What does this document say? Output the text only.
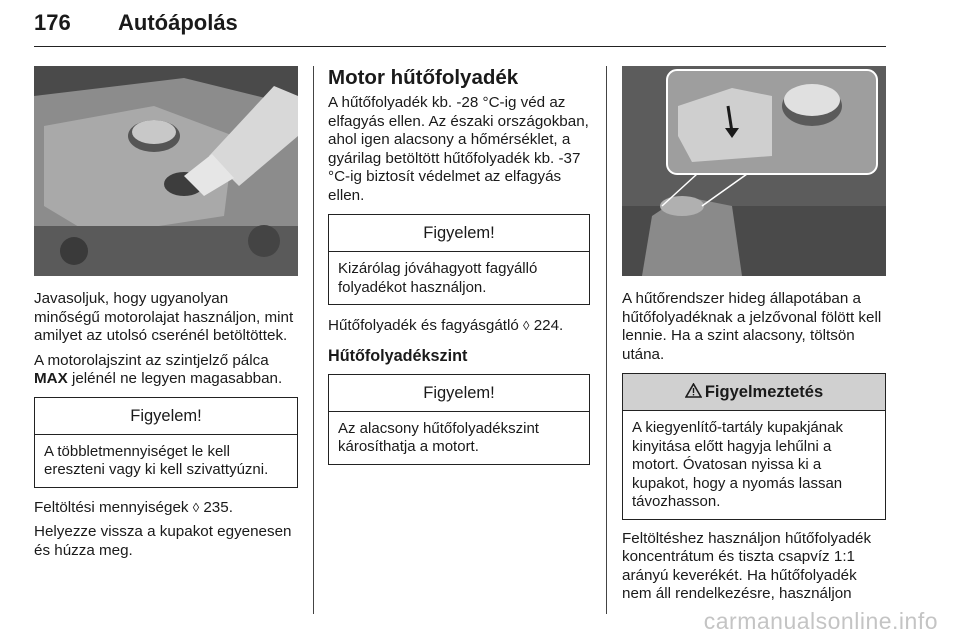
176 Autóápolás

Javasoljuk, hogy ugyanolyan minőségű motorolajat használjon, mint amilyet az utolsó cserénél betöltöttek.

A motorolajszint az szintjelző pálca MAX jelénél ne legyen magasabban.

Figyelem!
A többletmennyiséget le kell ereszteni vagy ki kell szivattyúzni.

Feltöltési mennyiségek ◊ 235.

Helyezze vissza a kupakot egyenesen és húzza meg.

Motor hűtőfolyadék

A hűtőfolyadék kb. -28 °C-ig véd az elfagyás ellen. Az északi országokban, ahol igen alacsony a hőmérséklet, a gyárilag betöltött hűtőfolyadék kb. -37 °C-ig biztosít védelmet az elfagyás ellen.

Figyelem!
Kizárólag jóváhagyott fagyálló folyadékot használjon.

Hűtőfolyadék és fagyásgátló ◊ 224.

Hűtőfolyadékszint
Figyelem!
Az alacsony hűtőfolyadékszint károsíthatja a motort.

A hűtőrendszer hideg állapotában a hűtőfolyadéknak a jelzővonal fölött kell lennie. Ha a szint alacsony, töltsön utána.

Figyelmeztetés
A kiegyenlítő-tartály kupakjának kinyitása előtt hagyja lehűlni a motort. Óvatosan nyissa ki a kupakot, hogy a nyomás lassan távozhasson.

Feltöltéshez használjon hűtőfolyadék koncentrátum és tiszta csapvíz 1:1 arányú keverékét. Ha hűtőfolyadék nem áll rendelkezésre, használjon

carmanualsonline.info
